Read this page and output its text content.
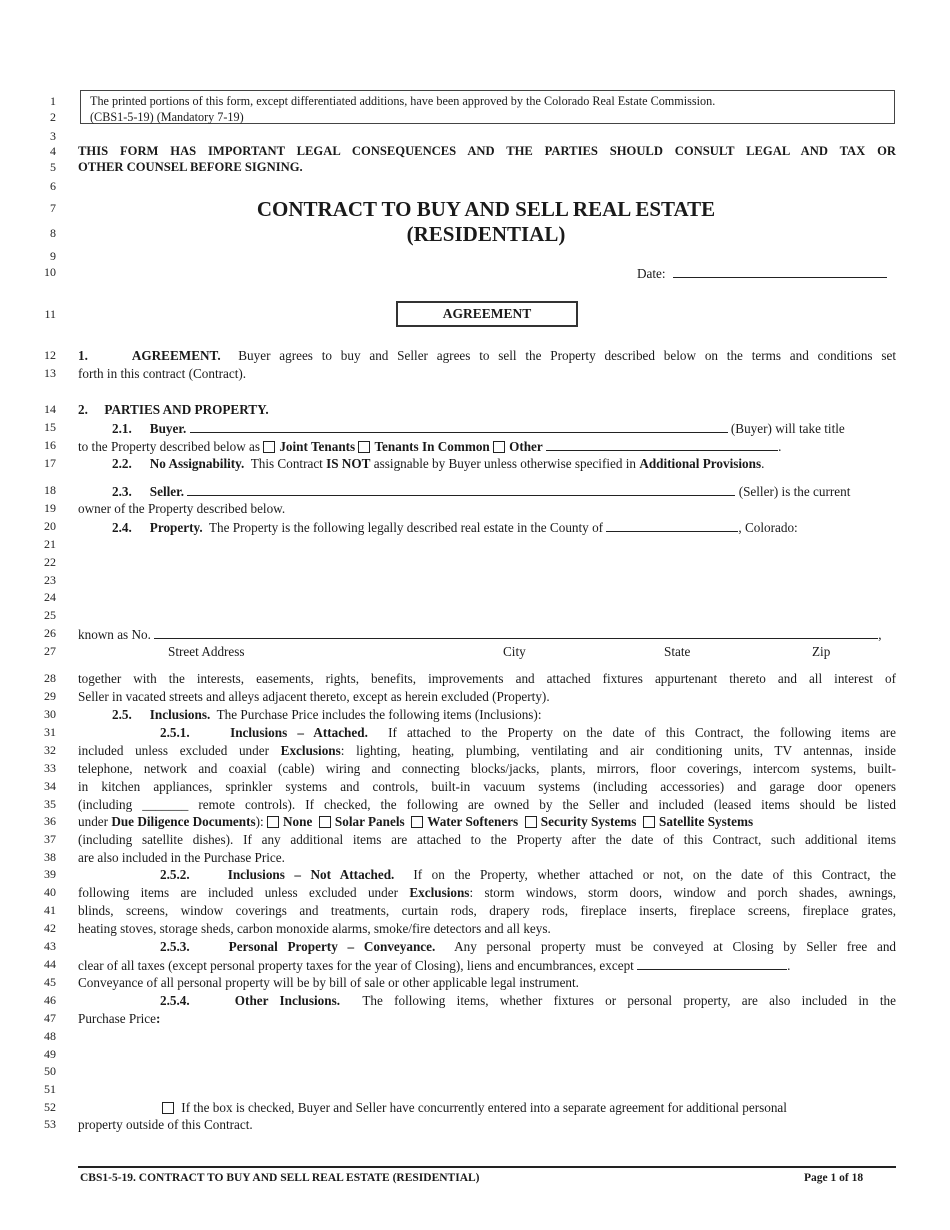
1
2
3
4
5
6
7
8
9
10
11
12
13
14
15
16
17
18
19
20
21
22
23
24
25
26
27
28
29
30
31
32
33
34
35
36
37
38
39
40
41
42
43
44
45
46
47
48
49
50
51
52
53
The printed portions of this form, except differentiated additions, have been approved by the Colorado Real Estate Commission.
(CBS1-5-19) (Mandatory 7-19)
THIS FORM HAS IMPORTANT LEGAL CONSEQUENCES AND THE PARTIES SHOULD CONSULT LEGAL AND TAX OR
OTHER COUNSEL BEFORE SIGNING.
CONTRACT TO BUY AND SELL REAL ESTATE
(RESIDENTIAL)
Date:
AGREEMENT
1.	AGREEMENT. Buyer agrees to buy and Seller agrees to sell the Property described below on the terms and conditions set
forth in this contract (Contract).
2.  PARTIES AND PROPERTY.
2.1. Buyer.	(Buyer) will take title
to the Property described below as Joint Tenants Tenants In Common Other	.
2.2. No Assignability. This Contract IS NOT assignable by Buyer unless otherwise specified in Additional Provisions.
2.3. Seller.	(Seller) is the current
owner of the Property described below.
2.4. Property. The Property is the following legally described real estate in the County of	, Colorado:
known as No.	,
Street Address	City	State	Zip
together with the interests, easements, rights, benefits, improvements and attached fixtures appurtenant thereto and all interest of
Seller in vacated streets and alleys adjacent thereto, except as herein excluded (Property).
2.5. Inclusions. The Purchase Price includes the following items (Inclusions):
2.5.1.	Inclusions – Attached. If attached to the Property on the date of this Contract, the following items are
included unless excluded under Exclusions: lighting, heating, plumbing, ventilating and air conditioning units, TV antennas, inside
telephone, network and coaxial (cable) wiring and connecting blocks/jacks, plants, mirrors, floor coverings, intercom systems, built-
in kitchen appliances, sprinkler systems and controls, built-in vacuum systems (including accessories) and garage door openers
(including _______ remote controls). If checked, the following are owned by the Seller and included (leased items should be listed
under Due Diligence Documents): None Solar Panels Water Softeners Security Systems Satellite Systems
(including satellite dishes). If any additional items are attached to the Property after the date of this Contract, such additional items
are also included in the Purchase Price.
2.5.2.	Inclusions – Not Attached. If on the Property, whether attached or not, on the date of this Contract, the
following items are included unless excluded under Exclusions: storm windows, storm doors, window and porch shades, awnings,
blinds, screens, window coverings and treatments, curtain rods, drapery rods, fireplace inserts, fireplace screens, fireplace grates,
heating stoves, storage sheds, carbon monoxide alarms, smoke/fire detectors and all keys.
2.5.3.	Personal Property – Conveyance. Any personal property must be conveyed at Closing by Seller free and
clear of all taxes (except personal property taxes for the year of Closing), liens and encumbrances, except	.
Conveyance of all personal property will be by bill of sale or other applicable legal instrument.
2.5.4.	Other Inclusions. The following items, whether fixtures or personal property, are also included in the
Purchase Price:
If the box is checked, Buyer and Seller have concurrently entered into a separate agreement for additional personal
property outside of this Contract.
CBS1-5-19. CONTRACT TO BUY AND SELL REAL ESTATE (RESIDENTIAL)	Page 1 of 18
